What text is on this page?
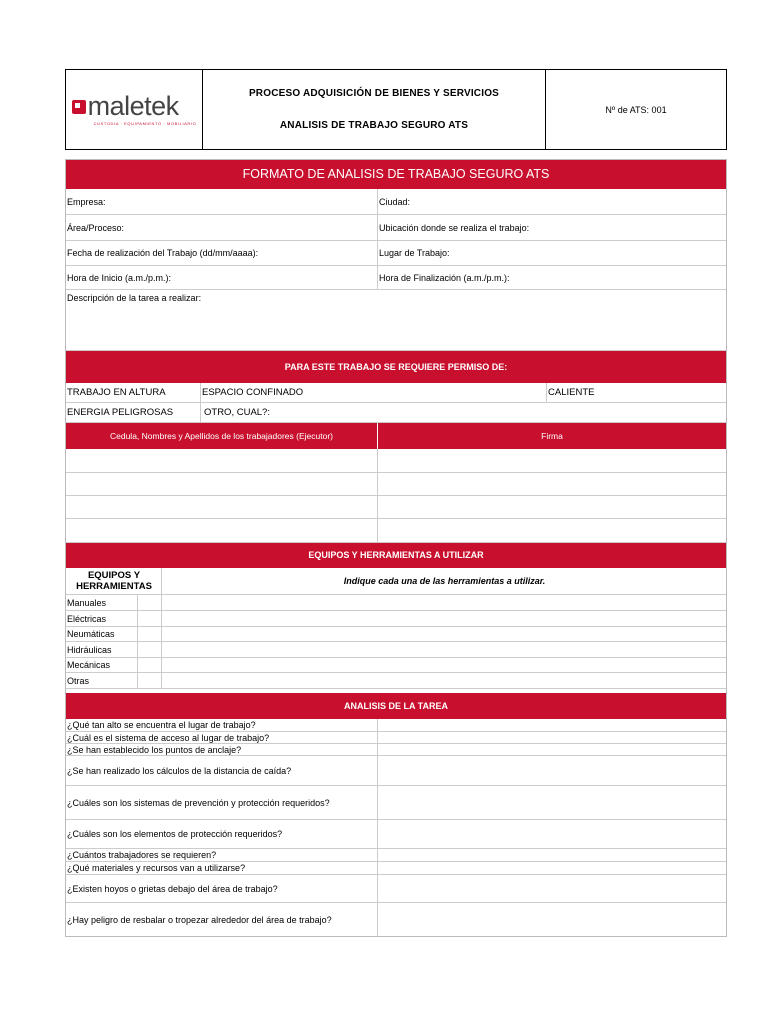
maletek
CUSTODIA · EQUIPAMIENTO · MOBILIARIO
PROCESO ADQUISICIÓN DE BIENES Y SERVICIOS
ANALISIS DE TRABAJO SEGURO ATS
Nº de ATS: 001
FORMATO DE ANALISIS DE TRABAJO SEGURO ATS
Empresa:	Ciudad:
Área/Proceso:	Ubicación donde se realiza el trabajo:
Fecha de realización del Trabajo (dd/mm/aaaa):	Lugar de Trabajo:
Hora de Inicio (a.m./p.m.):	Hora de Finalización (a.m./p.m.):
Descripción de la tarea a realizar:
PARA ESTE TRABAJO SE REQUIERE PERMISO DE:
TRABAJO EN ALTURA	ESPACIO CONFINADO	CALIENTE
ENERGIA PELIGROSAS	OTRO, CUAL?:
Cedula, Nombres y Apellidos de los trabajadores (Ejecutor)	Firma
EQUIPOS Y HERRAMIENTAS A UTILIZAR
EQUIPOS Y HERRAMIENTAS	Indique cada una de las herramientas a utilizar.
Manuales
Eléctricas
Neumáticas
Hidráulicas
Mecánicas
Otras
ANALISIS DE LA TAREA
¿Qué tan alto se encuentra el lugar de trabajo?
¿Cuál es el sistema de acceso al lugar de trabajo?
¿Se han establecido los puntos de anclaje?
¿Se han realizado los cálculos de la distancia de caída?
¿Cuáles son los sistemas de prevención y protección requeridos?
¿Cuáles son los elementos de protección requeridos?
¿Cuántos trabajadores se requieren?
¿Qué materiales y recursos van a utilizarse?
¿Existen hoyos o grietas debajo del área de trabajo?
¿Hay peligro de resbalar o tropezar alrededor del área de trabajo?
